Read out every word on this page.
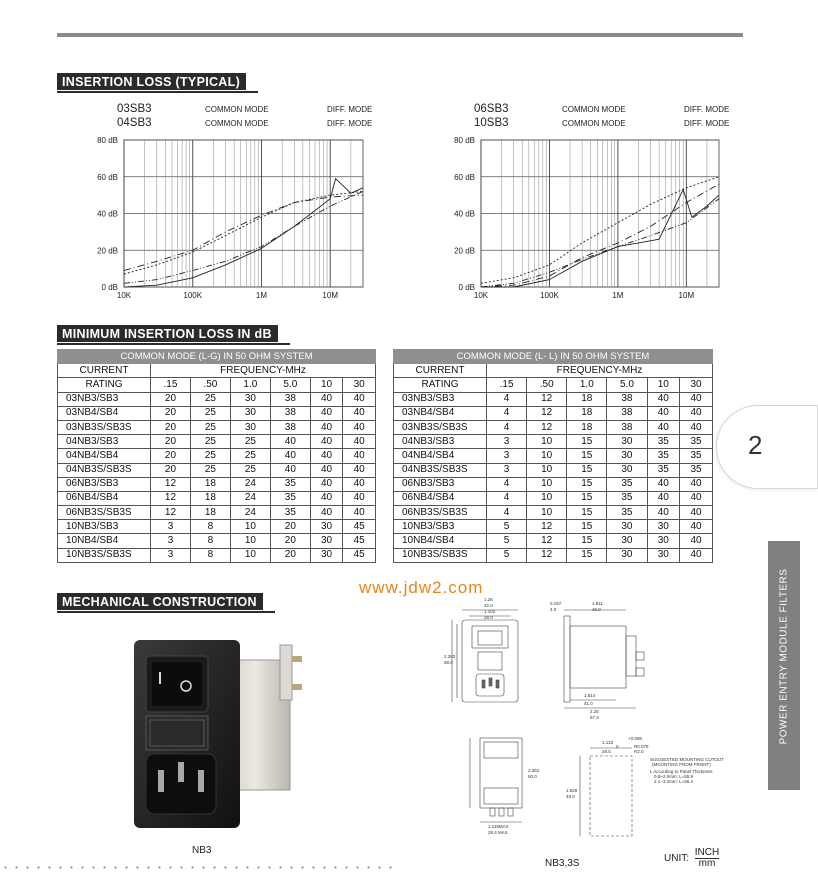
INSERTION LOSS (TYPICAL)
03SB3	COMMON MODE	DIFF. MODE
04SB3	COMMON MODE	DIFF. MODE
06SB3	COMMON MODE	DIFF. MODE
10SB3	COMMON MODE	DIFF. MODE
0 dB
20 dB
40 dB
60 dB
80 dB
10K	100K	1M	10M
0 dB
20 dB
40 dB
60 dB
80 dB
10K	100K	1M	10M
MINIMUM INSERTION LOSS IN dB
COMMON MODE (L-G) IN 50 OHM SYSTEM						
CURRENT	FREQUENCY-MHz					
RATING	.15	.50	1.0	5.0	10	30
03NB3/SB3	20	25	30	38	40	40
03NB4/SB4	20	25	30	38	40	40
03NB3S/SB3S	20	25	30	38	40	40
04NB3/SB3	20	25	25	40	40	40
04NB4/SB4	20	25	25	40	40	40
04NB3S/SB3S	20	25	25	40	40	40
06NB3/SB3	12	18	24	35	40	40
06NB4/SB4	12	18	24	35	40	40
06NB3S/SB3S	12	18	24	35	40	40
10NB3/SB3	3	8	10	20	30	45
10NB4/SB4	3	8	10	20	30	45
10NB3S/SB3S	3	8	10	20	30	45
COMMON MODE (L- L) IN 50 OHM SYSTEM						
CURRENT	FREQUENCY-MHz					
RATING	.15	.50	1.0	5.0	10	30
03NB3/SB3	4	12	18	38	40	40
03NB4/SB4	4	12	18	38	40	40
03NB3S/SB3S	4	12	18	38	40	40
04NB3/SB3	3	10	15	30	35	35
04NB4/SB4	3	10	15	30	35	35
04NB3S/SB3S	3	10	15	30	35	35
06NB3/SB3	4	10	15	35	40	40
06NB4/SB4	4	10	15	35	40	40
06NB3S/SB3S	4	10	15	35	40	40
10NB3/SB3	5	12	15	30	30	40
10NB4/SB4	5	12	15	30	30	40
10NB3S/SB3S	5	12	15	30	30	40
www.jdw2.com
2
POWER ENTRY MODULE FILTERS
MECHANICAL CONSTRUCTION
NB3
1.26
32.0
1.102
28.0
0.157
4.0
1.811
46.0
1.614
41.0
2.25
57.3
2.283
58.0
2.362
60.0
1.118MAX
28.4 MAX
+0.008
1.122
0
28.5
R0.078
R2.0
1.929
49.0
SUGGESTED MOUNTING CUTOUT
(MOUNTING FROM FRONT)
L According to Panel Thickness
0.8~2.0mm: L=55.9
2.1~3.2mm: L=56.2
NB3,3S	UNIT:
INCH
mm
